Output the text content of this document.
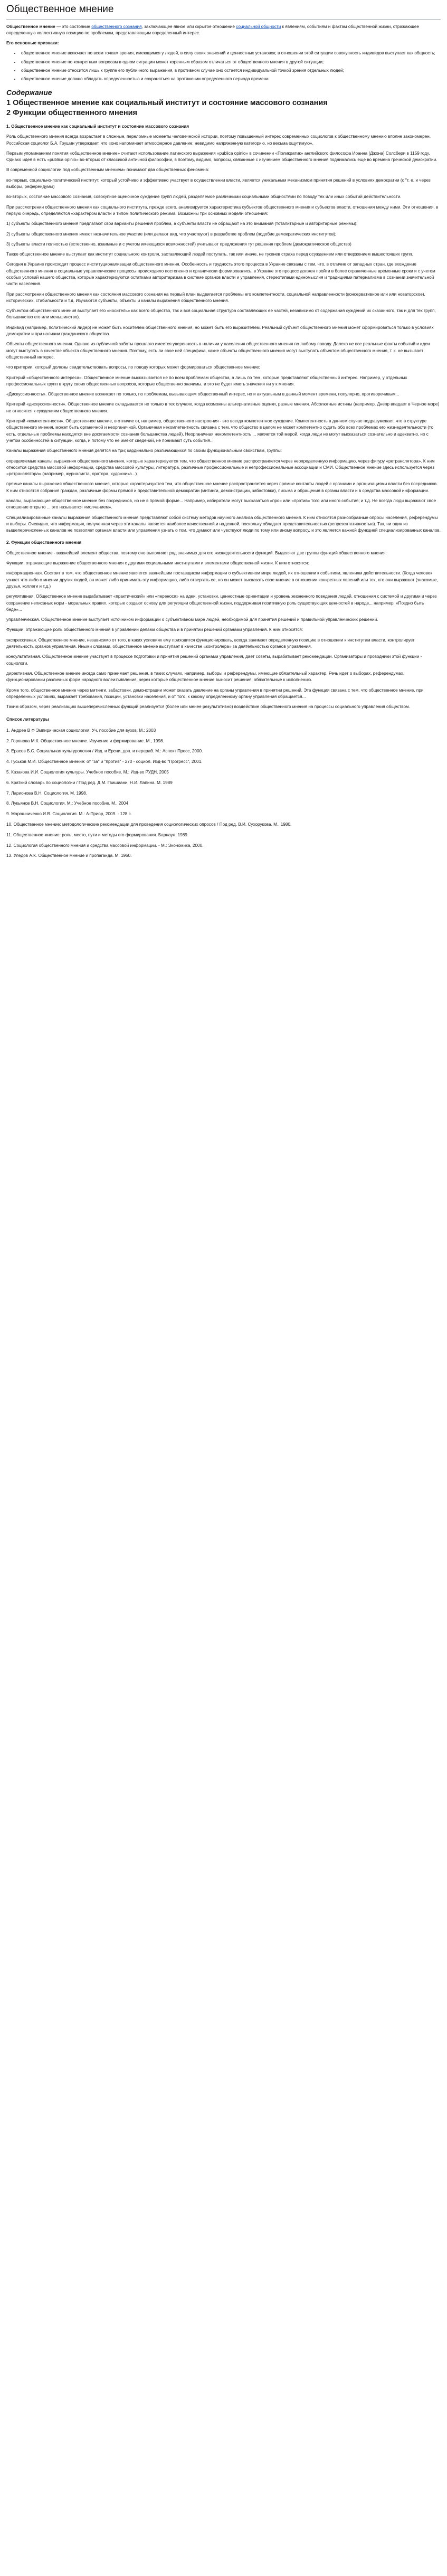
Общественное мнение

Общественное мнение — это состояние общественного сознания, заключающее явное или скрытое отношение социальной общности к явлениям, событиям и фактам общественной жизни, отражающее определенную коллективную позицию по проблемам, представляющим определенный интерес.

Его основные признаки:

• общественное мнение включает по всем точкам зрения, имеющимся у людей, в силу своих значений и ценностных установок; в отношении этой ситуации совокупность индивидов выступает как общность;
• общественное мнение по конкретным вопросам в одном ситуации может коренным образом отличаться от общественного мнения в другой ситуации;
• общественное мнение относится лишь к группе его публичного выражения, в противном случае оно остается индивидуальной точкой зрения отдельных людей;
• общественное мнение должно обладать определенностью и сохраняться на протяжении определенного периода времени.
Содержание
1 Общественное мнение как социальный институт и состояние массового сознания
2 Функции общественного мнения

1. Общественное мнение как социальный институт и состояние массового сознания

Роль общественного мнения всегда возрастает в сложные, переломные моменты человеческой истории, поэтому повышенный интерес современных социологов к общественному мнению вполне закономерен. Российская социолог Б.А. Грушин утверждает, что «оно напоминает атмосферное давление: невидимо напряженную категорию, но весьма ощутимую».

Первым упоминанием понятия «общественное мнение» считают использование латинского выражения «publica opinio» в сочинении «Поликратик» английского философа Иоанна (Джона) Солсбери в 1159 году. Однако идея в естъ «publica opinio» во-вторых от классикой античной философии, в поэтому, видимо, вопросы, связанные с изучением общественного мнения поднимались еще во времена греческой демократии.

В современной социологии под «общественным мнением» понимают два общественных феномена:

во-первых, социально-политический институт, который устойчиво и эффективно участвует в осуществлении власти, является уникальным механизмом принятия решений в условиях демократии (с "т. е. и через выборы, референдумы)

во-вторых, состояние массового сознания, совокупное оценочное суждение групп людей, разделяемое различными социальными общностями по поводу тех или иных событий действительности.

При рассмотрении общественного мнения как социального института, прежде всего, анализируется характеристика субъектов общественного мнения и субъектов власти, отношения между ними. Эти отношения, в первую очередь, определяются «характером власти и типом политического режима. Возможны три основных модели отношения:

1) субъекты общественного мнения предлагают свои варианты решения проблем, а субъекты власти не обращают на это внимания (тоталитарные и авторитарные режимы);

2) субъекты общественного мнения имеют незначительное участие (или делают вид, что участвуют) в разработке проблем (подобие демократических институтов);

3) субъекты власти полностью (естественно, взаимные и с учетом имеющихся возможностей) учитывают предложения тут решения проблем (демократическое общество)

Также общественное мнение выступает как институт социального контроля, заставляющий людей поступать, так или иначе, не тускнев страха перед осуждением или отвержением вышестоящих групп.

Сегодня в Украине происходит процесс институционализации общественного мнения. Особенность и трудность этого процесса в Украине связаны с тем, что, в отличие от западных стран, где вхождение общественного мнения в социальные управленческие процессы происходило постепенно и органически формировались, в Украине это процесс должен пройти в более ограниченные временные сроки и с учетом особых условий нашего общества, которые характеризуются остатками авторитаризма в системе органов власти и управления, стереотипами единомыслия и традициями патернализма в сознании значительной части населения.

При рассмотрении общественного мнения как состояния массового сознания на первый план выдвигается проблемы его компетентности, социальной направленности (консервативное или или новаторское), исторических, стабильности и т.д. Изучаются субъекты, объекты и каналы выражения общественного мнения.

Субъектом общественного мнения выступает его «носитель» как всего общество, так и вся социальная структура составляющих ее частей, независимо от содержания суждений их сказанного, так и для тех групп, большинство его или меньшинство).

Индивид (например, политический лидер) не может быть носителем общественного мнения, но может быть его выразителем. Реальный субъект общественного мнения может сформироваться только в условиях демократии и при наличии гражданского общества.

Объекты общественного мнения. Однако из-публичной заботы прошлого имеется уверенность в наличии у населения общественного мнения по любому поводу. Далеко не все реальные факты событий и идеи могут выступать в качестве объекта общественного мнения. Поэтому, есть ли свое ней специфика, какие объекты общественного мнения могут выступать объектом общественного мнения, т. к. не вызывает общественный интерес,

что критерии, который должны свидетельствовать вопросы, по поводу которых может формироваться общественное мнение:

Критерий «общественного интереса». Общественное мнение высказывается не по всем проблемам общества, а лишь по тем, которые представляют общественный интерес. Например, у отдельных профессиональных групп в кругу своих общественных вопросов, которые общественно значимы, и это не будет иметь значения ни у к мнения.

«Дискуссионность». Общественное мнение возникает по только, по проблемам, вызывающим общественный интерес, но и актуальным в данный момент времени, популярно, противоречивым...

Критерий «дискуссионности». Общественное мнение складывается не только в тех случаях, когда возможны альтернативные оценки, разные мнения. Абсолютные истины (например, Днепр впадает в Черное море) не относятся к суждениям общественного мнения.

Критерий «компетентности». Общественное мнение, в отличие от, например, общественного настроения - это всегда компетентное суждение. Компетентность в данном случае подразумевает, что в структуре общественного мнения, может быть органичной и неорганичной. Органичная некомпетентность связана с тем, что общество в целом не может компетентно судить обо всех проблемах его жизнедеятельности (то есть, отдельные проблемы находятся вне досягаемости сознания большинства людей). Неорганичная некомпетентность ... является той мерой, когда люди не могут высказаться сознательно и адекватно, но с учетом особенностей в ситуации, когда, и потому что не имеют сведений, не понимают суть события...

Каналы выражения общественного мнения делятся на три; кардинально различающихся по своим функциональным свойствам, группы:

определяемые каналы выражения общественного мнения, которые характеризуются тем, что общественное мнение распространяется через неопределенную информацию, через фигуру «ретранслятора». К ним относится средства массовой информации, средства массовой культуры, литература, различные профессиональные и непрофессиональные ассоциации и СМИ. Общественное мнение здесь используется через «ретранслятора» (например, журналиста, оратора, художника...)

прямые каналы выражения общественного мнения, которые характеризуются тем, что общественное мнение распространяется через прямые контакты людей с органами и организациями власти без посредников. К ним относятся собрания граждан, различные формы прямой и представительной демократии (митинги, демонстрации, забастовки), письма и обращения в органы власти и в средства массовой информации.

каналы, выражающие общественное мнение без посредников, но не в прямой форме... Например, избиратели могут высказаться «про» или «против» того или иного события; и т.д. Не всегда люди выражают свое отношение открыто ... это называется «молчанием».

Специализированные каналы выражения общественного мнения представляют собой систему методов научного анализа общественного мнения. К ним относятся разнообразные опросы населения, референдумы и выборы. Очевидно, что информация, полученная через эти каналы является наиболее качественной и надежной, поскольку обладает представительностью (репрезентативностью). Так, ни один из вышеперечисленных каналов не позволяет органам власти или управления узнать о том, что думают или чувствуют люди по тому или иному вопросу, и это является важной функцией специализированных каналов.

2. Функции общественного мнения

Общественное мнение - важнейший элемент общества, поэтому оно выполняет ряд значимых для его жизнедеятельности функций. Выделяют две группы функций общественного мнения:

Функции, отражающие выражение общественного мнения с другими социальными институтами и элементами общественной жизни. К ним относятся:

информационная. Состоит в том, что общественное мнение является важнейшим поставщиком информации о субъективном мире людей, их отношении к событиям, явлениям действительности. (Когда человек узнает что-либо о мнении других людей, он может либо принимать эту информацию, либо отвергать ее, но он может высказать свое мнение в отношении конкретных явлений или тех, кто они выражают (знакомые, друзья, коллеги и т.д.)

регулятивная. Общественное мнение вырабатывает «практический» или «перенося» на идеи, установки, ценностные ориентации и уровень жизненного поведения людей, отношения с системой и другими и через сохранение неписаных норм - моральных правил, которые создают основу для регуляции общественной жизни, поддерживая позитивную роль существующих ценностей в народе... например: «Поздно быть беде»...

управленческая. Общественное мнение выступает источником информации о субъективном мире людей, необходимой для принятия решений и правильной управленческих решений.

Функции, отражающие роль общественного мнения в управлении делами общества и в принятии решений органами управления. К ним относятся:

экспрессивная. Общественное мнение, независимо от того, в каких условиях ему приходится функционировать, всегда занимает определенную позицию в отношении к институтам власти, контролирует деятельность органов управления. Иными словами, общественное мнение выступает в качестве «контролера» за деятельностью органов управления.

консультативная. Общественное мнение участвует в процессе подготовки и принятия решений органами управления, дает советы, вырабатывает рекомендации. Организаторы и проводники этой функции - социологи.

директивная. Общественное мнение иногда само принимает решения, в таких случаях, например, выборы и референдумы, имеющие обязательный характер. Речь идет о выборах, референдумах, функционировании различных форм народного волеизъявления, через которые общественное мнение выносит решения, обязательные к исполнению.

Кроме того, общественное мнение через митинги, забастовки, демонстрации может оказать давление на органы управления в принятии решений. Эта функция связана с тем, что общественное мнение, при определенных условиях, выражает требования, позиции, установки населения, и от того, к какому определенному органу управления обращается...

Таким образом, через реализацию вышеперечисленных функций реализуется (более или менее результативно) воздействие общественного мнения на процессы социального управления обществом.

Список литературы

1. Андрее В Ф Эмпирическая социология: Уч. пособие для вузов. М.: 2003
2. Горянова М.К. Общественное мнение. Изучение и формирование. М., 1998.
3. Ерасов Б.С. Социальная культурология / Изд. и Ерсни, доп. и перераб. М.: Аспект Пресс, 2000.
4. Гуськов М.И. Общественное мнение: от "за" и "против" - 270 - социол. Изд-во "Прогресс", 2001.
5. Казакова И.И. Социология культуры. Учебное пособие. М.: Изд-во РУДН, 2005
6. Краткий словарь по социологии / Под ред. Д.М. Гвишиани, Н.И. Лапина. М. 1989
7. Ларионова В.Н. Социология. М. 1998.
8. Лукьянов В.Н. Социология. М.: Учебное пособие. М., 2004
9. Марошниченко И.В. Социология. М.: А-Приор, 2009. - 128 с.
10. Общественное мнение: методологические рекомендации для проведения социологических опросов / Под ред. В.И. Сухорукова. М., 1980.
11. Общественное мнение: роль, место, пути и методы его формирования. Барнаул, 1989.
12. Социология общественного мнения и средства массовой информации. - М.: Экономика, 2000.
13. Уледов А.К. Общественное мнение и пропаганда. М. 1960.
